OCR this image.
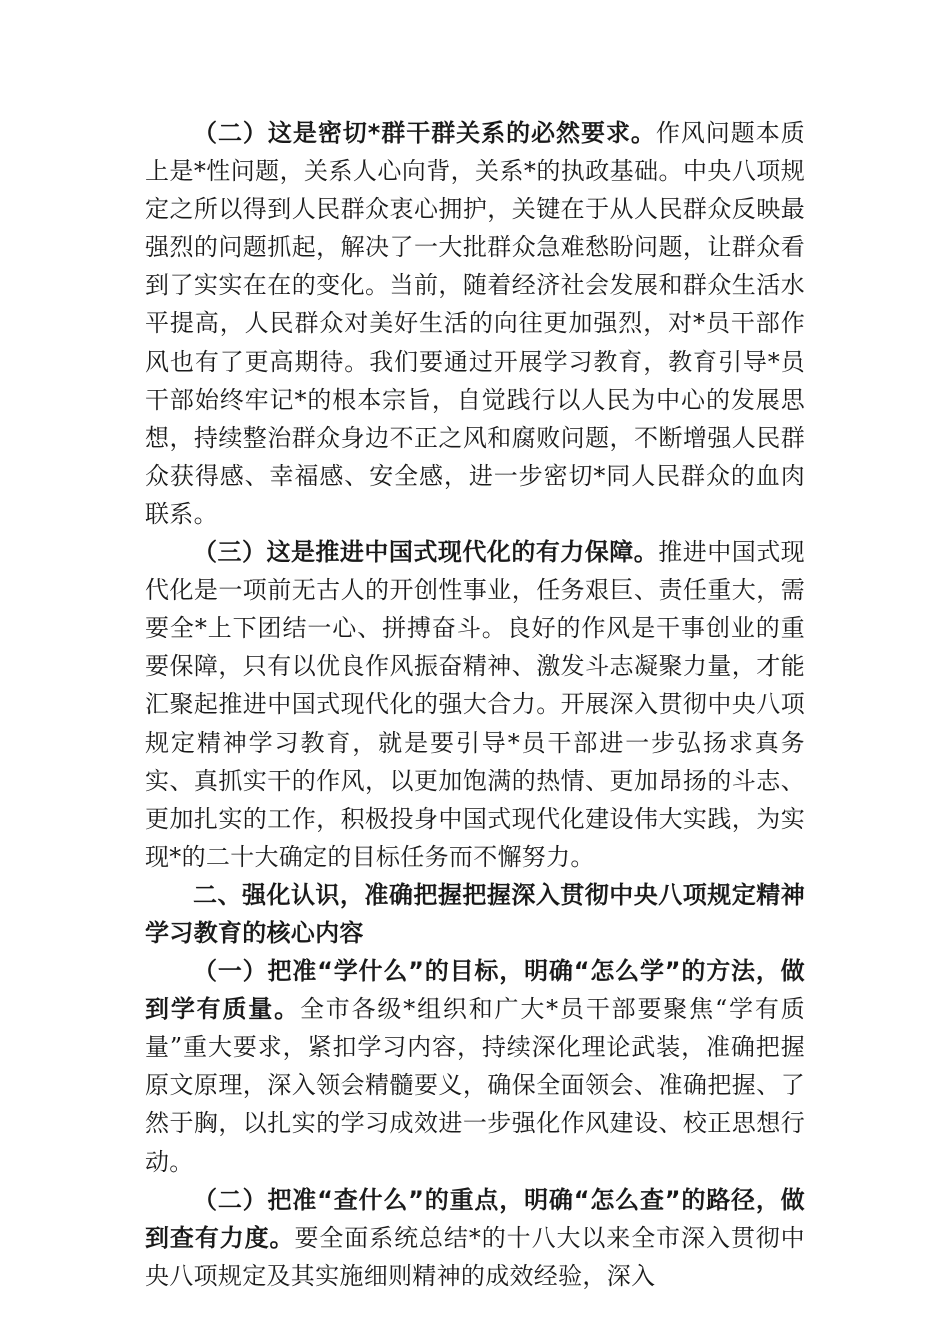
（二）这是密切*群干群关系的必然要求。作风问题本质上是*性问题，关系人心向背，关系*的执政基础。中央八项规定之所以得到人民群众衷心拥护，关键在于从人民群众反映最强烈的问题抓起，解决了一大批群众急难愁盼问题，让群众看到了实实在在的变化。当前，随着经济社会发展和群众生活水平提高，人民群众对美好生活的向往更加强烈，对*员干部作风也有了更高期待。我们要通过开展学习教育，教育引导*员干部始终牢记*的根本宗旨，自觉践行以人民为中心的发展思想，持续整治群众身边不正之风和腐败问题，不断增强人民群众获得感、幸福感、安全感，进一步密切*同人民群众的血肉联系。

（三）这是推进中国式现代化的有力保障。推进中国式现代化是一项前无古人的开创性事业，任务艰巨、责任重大，需要全*上下团结一心、拼搏奋斗。良好的作风是干事创业的重要保障，只有以优良作风振奋精神、激发斗志凝聚力量，才能汇聚起推进中国式现代化的强大合力。开展深入贯彻中央八项规定精神学习教育，就是要引导*员干部进一步弘扬求真务实、真抓实干的作风，以更加饱满的热情、更加昂扬的斗志、更加扎实的工作，积极投身中国式现代化建设伟大实践，为实现*的二十大确定的目标任务而不懈努力。

二、强化认识，准确把握把握深入贯彻中央八项规定精神学习教育的核心内容

（一）把准“学什么”的目标，明确“怎么学”的方法，做到学有质量。全市各级*组织和广大*员干部要聚焦“学有质量”重大要求，紧扣学习内容，持续深化理论武装，准确把握原文原理，深入领会精髓要义，确保全面领会、准确把握、了然于胸，以扎实的学习成效进一步强化作风建设、校正思想行动。

（二）把准“查什么”的重点，明确“怎么查”的路径，做到查有力度。要全面系统总结*的十八大以来全市深入贯彻中央八项规定及其实施细则精神的成效经验，深入
